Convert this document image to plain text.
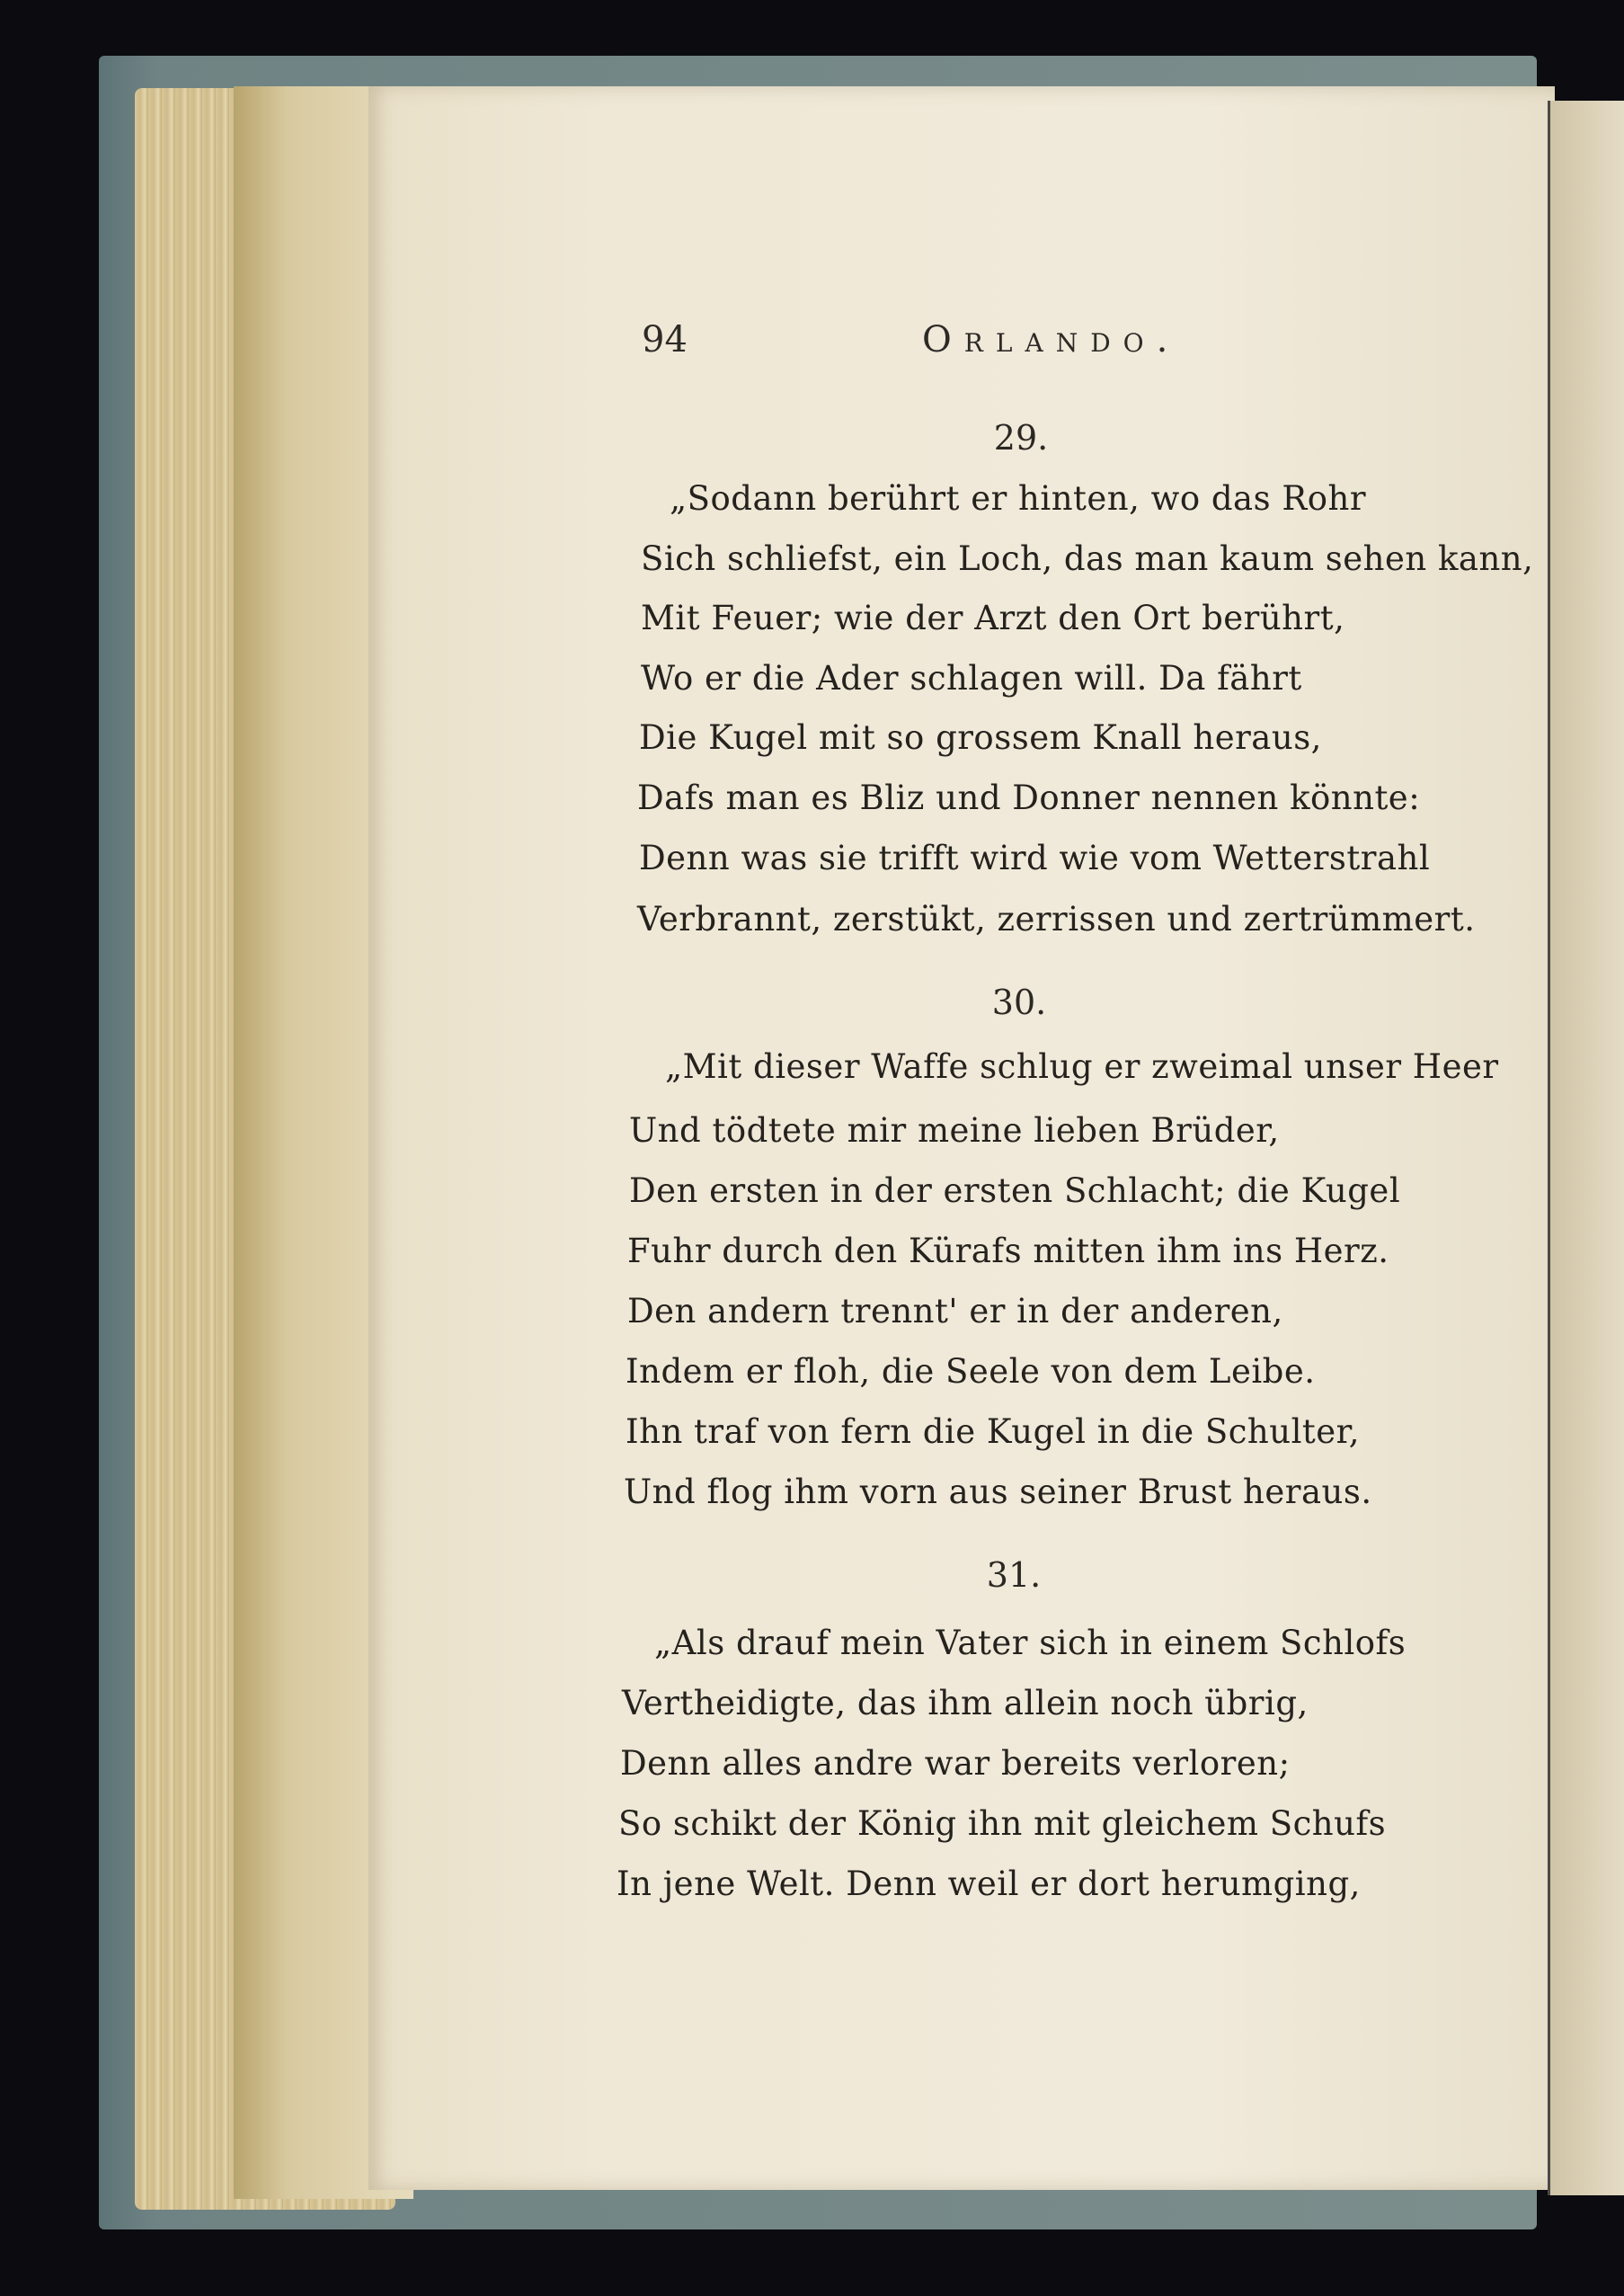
94	Orlando.
29.
„Sodann berührt er hinten, wo das Rohr
Sich schliefst, ein Loch, das man kaum sehen kann,
Mit Feuer; wie der Arzt den Ort berührt,
Wo er die Ader schlagen will. Da fährt
Die Kugel mit so grossem Knall heraus,
Dafs man es Bliz und Donner nennen könnte:
Denn was sie trifft wird wie vom Wetterstrahl
Verbrannt, zerstükt, zerrissen und zertrümmert.
30.
„Mit dieser Waffe schlug er zweimal unser Heer
Und tödtete mir meine lieben Brüder,
Den ersten in der ersten Schlacht; die Kugel
Fuhr durch den Kürafs mitten ihm ins Herz.
Den andern trennt' er in der anderen,
Indem er floh, die Seele von dem Leibe.
Ihn traf von fern die Kugel in die Schulter,
Und flog ihm vorn aus seiner Brust heraus.
31.
„Als drauf mein Vater sich in einem Schlofs
Vertheidigte, das ihm allein noch übrig,
Denn alles andre war bereits verloren;
So schikt der König ihn mit gleichem Schufs
In jene Welt. Denn weil er dort herumging,
